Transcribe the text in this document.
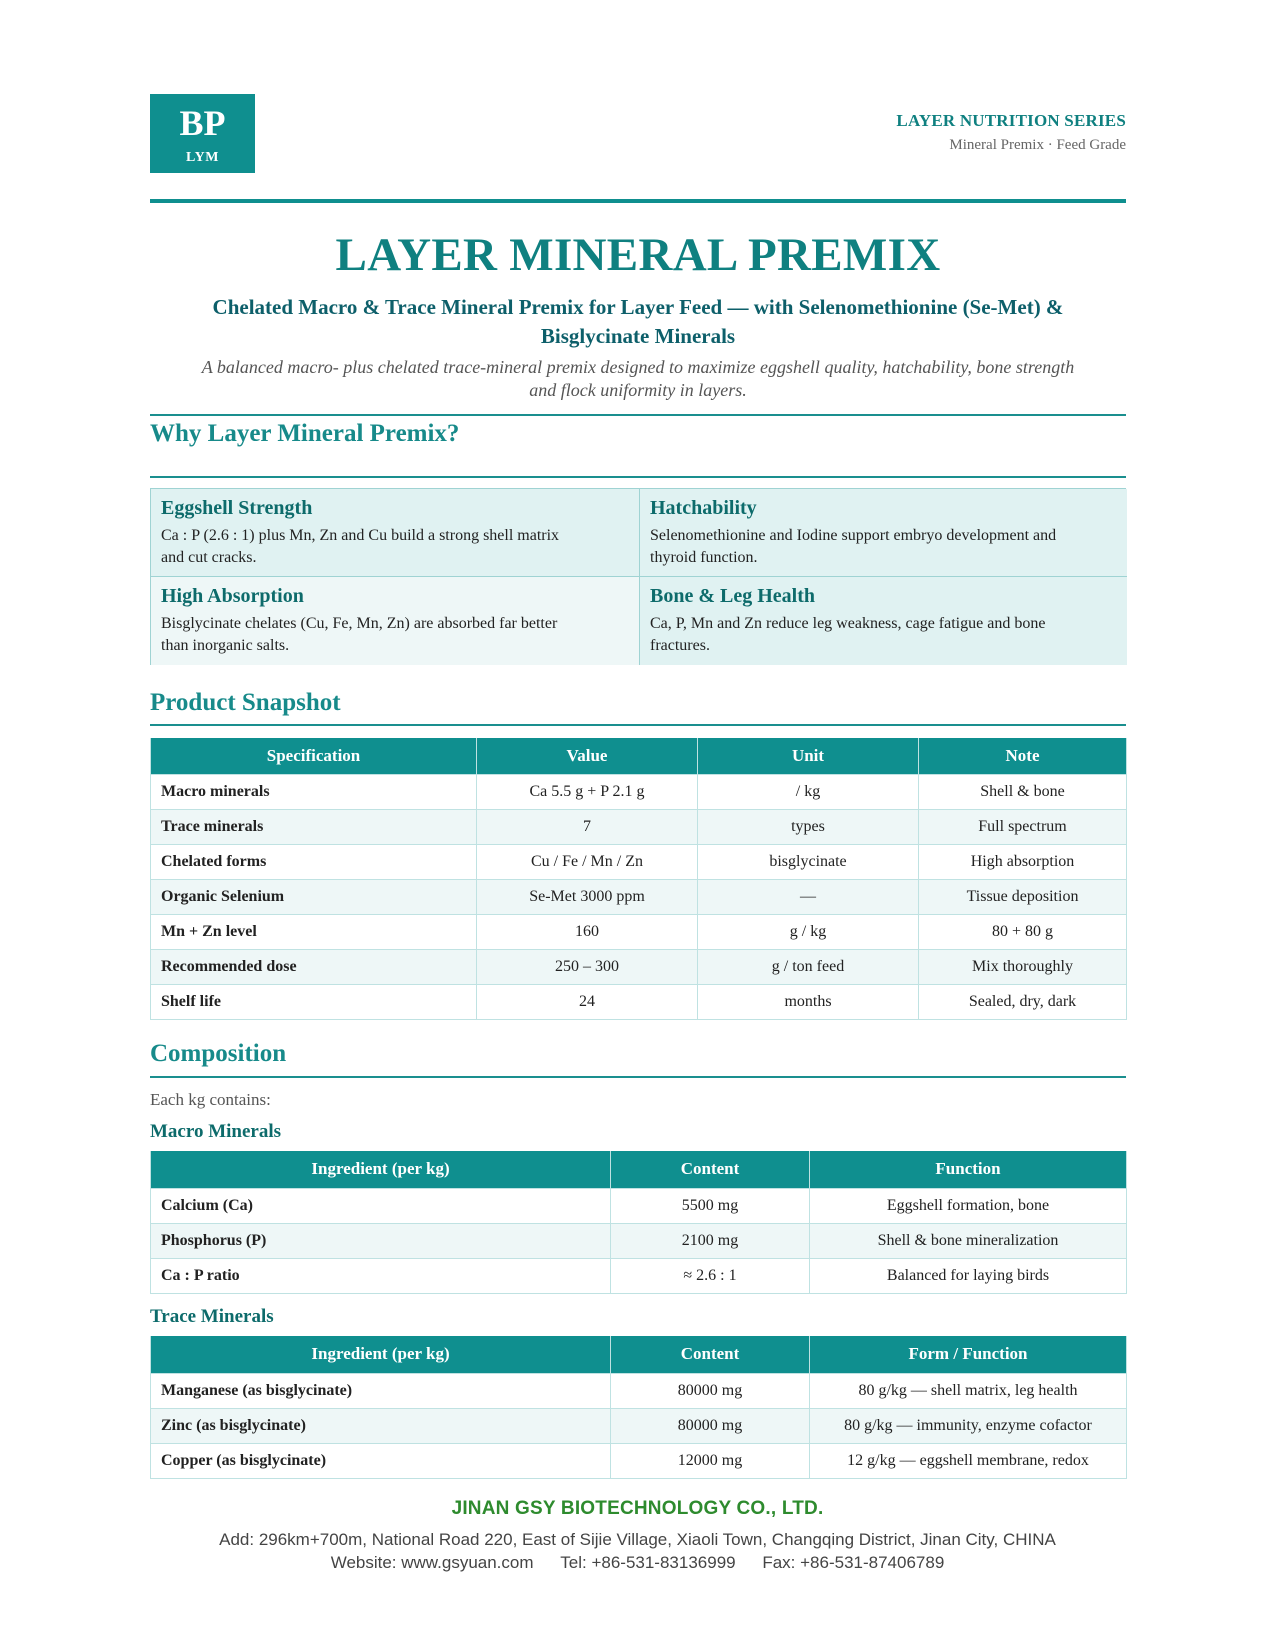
BP
LYM
LAYER NUTRITION SERIES
Mineral Premix · Feed Grade
LAYER MINERAL PREMIX
Chelated Macro & Trace Mineral Premix for Layer Feed — with Selenomethionine (Se-Met) &
Bisglycinate Minerals
A balanced macro- plus chelated trace-mineral premix designed to maximize eggshell quality, hatchability, bone strength
and flock uniformity in layers.
Why Layer Mineral Premix?
Eggshell Strength
Ca : P (2.6 : 1) plus Mn, Zn and Cu build a strong shell matrix
and cut cracks.
Hatchability
Selenomethionine and Iodine support embryo development and
thyroid function.
High Absorption
Bisglycinate chelates (Cu, Fe, Mn, Zn) are absorbed far better
than inorganic salts.
Bone & Leg Health
Ca, P, Mn and Zn reduce leg weakness, cage fatigue and bone
fractures.
Product Snapshot
Specification	Value	Unit	Note
Macro minerals	Ca 5.5 g + P 2.1 g	/ kg	Shell & bone
Trace minerals	7	types	Full spectrum
Chelated forms	Cu / Fe / Mn / Zn	bisglycinate	High absorption
Organic Selenium	Se-Met 3000 ppm	—	Tissue deposition
Mn + Zn level	160	g / kg	80 + 80 g
Recommended dose	250 – 300	g / ton feed	Mix thoroughly
Shelf life	24	months	Sealed, dry, dark
Composition
Each kg contains:
Macro Minerals
Ingredient (per kg)	Content	Function
Calcium (Ca)	5500 mg	Eggshell formation, bone
Phosphorus (P)	2100 mg	Shell & bone mineralization
Ca : P ratio	≈ 2.6 : 1	Balanced for laying birds
Trace Minerals
Ingredient (per kg)	Content	Form / Function
Manganese (as bisglycinate)	80000 mg	80 g/kg — shell matrix, leg health
Zinc (as bisglycinate)	80000 mg	80 g/kg — immunity, enzyme cofactor
Copper (as bisglycinate)	12000 mg	12 g/kg — eggshell membrane, redox
JINAN GSY BIOTECHNOLOGY CO., LTD.
Add: 296km+700m, National Road 220, East of Sijie Village, Xiaoli Town, Changqing District, Jinan City, CHINA
Website: www.gsyuan.com Tel: +86-531-83136999 Fax: +86-531-87406789
